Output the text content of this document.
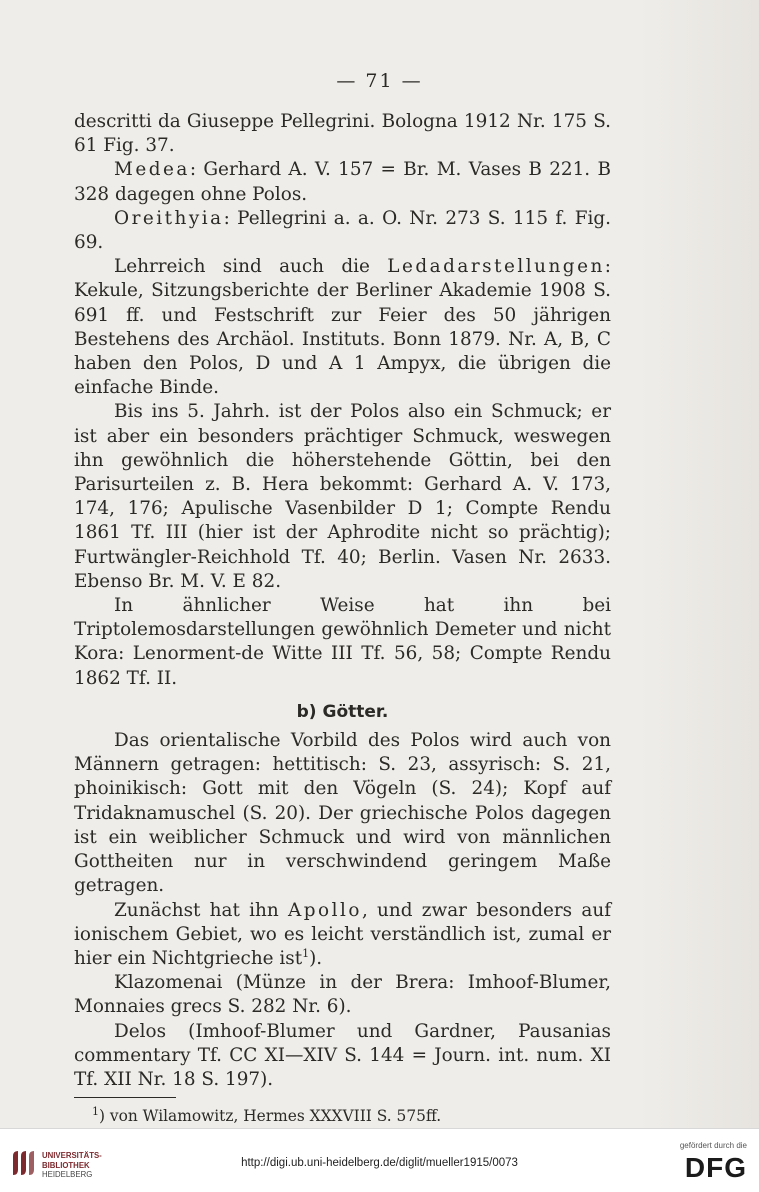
— 71 —

descritti da Giuseppe Pellegrini. Bologna 1912 Nr. 175 S. 61 Fig. 37.

Medea: Gerhard A. V. 157 = Br. M. Vases B 221. B 328 dagegen ohne Polos.

Oreithyia: Pellegrini a. a. O. Nr. 273 S. 115 f. Fig. 69.

Lehrreich sind auch die Ledadarstellungen: Kekule, Sitzungsberichte der Berliner Akademie 1908 S. 691 ff. und Festschrift zur Feier des 50 jährigen Bestehens des Archäol. Instituts. Bonn 1879. Nr. A, B, C haben den Polos, D und A 1 Ampyx, die übrigen die einfache Binde.

Bis ins 5. Jahrh. ist der Polos also ein Schmuck; er ist aber ein besonders prächtiger Schmuck, weswegen ihn gewöhnlich die höherstehende Göttin, bei den Parisurteilen z. B. Hera bekommt: Gerhard A. V. 173, 174, 176; Apulische Vasenbilder D 1; Compte Rendu 1861 Tf. III (hier ist der Aphrodite nicht so prächtig); Furtwängler-Reichhold Tf. 40; Berlin. Vasen Nr. 2633. Ebenso Br. M. V. E 82.

In ähnlicher Weise hat ihn bei Triptolemosdarstellungen gewöhnlich Demeter und nicht Kora: Lenorment-de Witte III Tf. 56, 58; Compte Rendu 1862 Tf. II.

b) Götter.

Das orientalische Vorbild des Polos wird auch von Männern getragen: hettitisch: S. 23, assyrisch: S. 21, phoinikisch: Gott mit den Vögeln (S. 24); Kopf auf Tridaknamuschel (S. 20). Der griechische Polos dagegen ist ein weiblicher Schmuck und wird von männlichen Gottheiten nur in verschwindend geringem Maße getragen.

Zunächst hat ihn Apollo, und zwar besonders auf ionischem Gebiet, wo es leicht verständlich ist, zumal er hier ein Nichtgrieche ist$^1$).

Klazomenai (Münze in der Brera: Imhoof-Blumer, Monnaies grecs S. 282 Nr. 6).

Delos (Imhoof-Blumer und Gardner, Pausanias commentary Tf. CC XI—XIV S. 144 = Journ. int. num. XI Tf. XII Nr. 18 S. 197).

$^1$) von Wilamowitz, Hermes XXXVIII S. 575ff.

UNIVERSITÄTS-
BIBLIOTHEK
HEIDELBERG
http://digi.ub.uni-heidelberg.de/diglit/mueller1915/0073
gefördert durch die
DFG
